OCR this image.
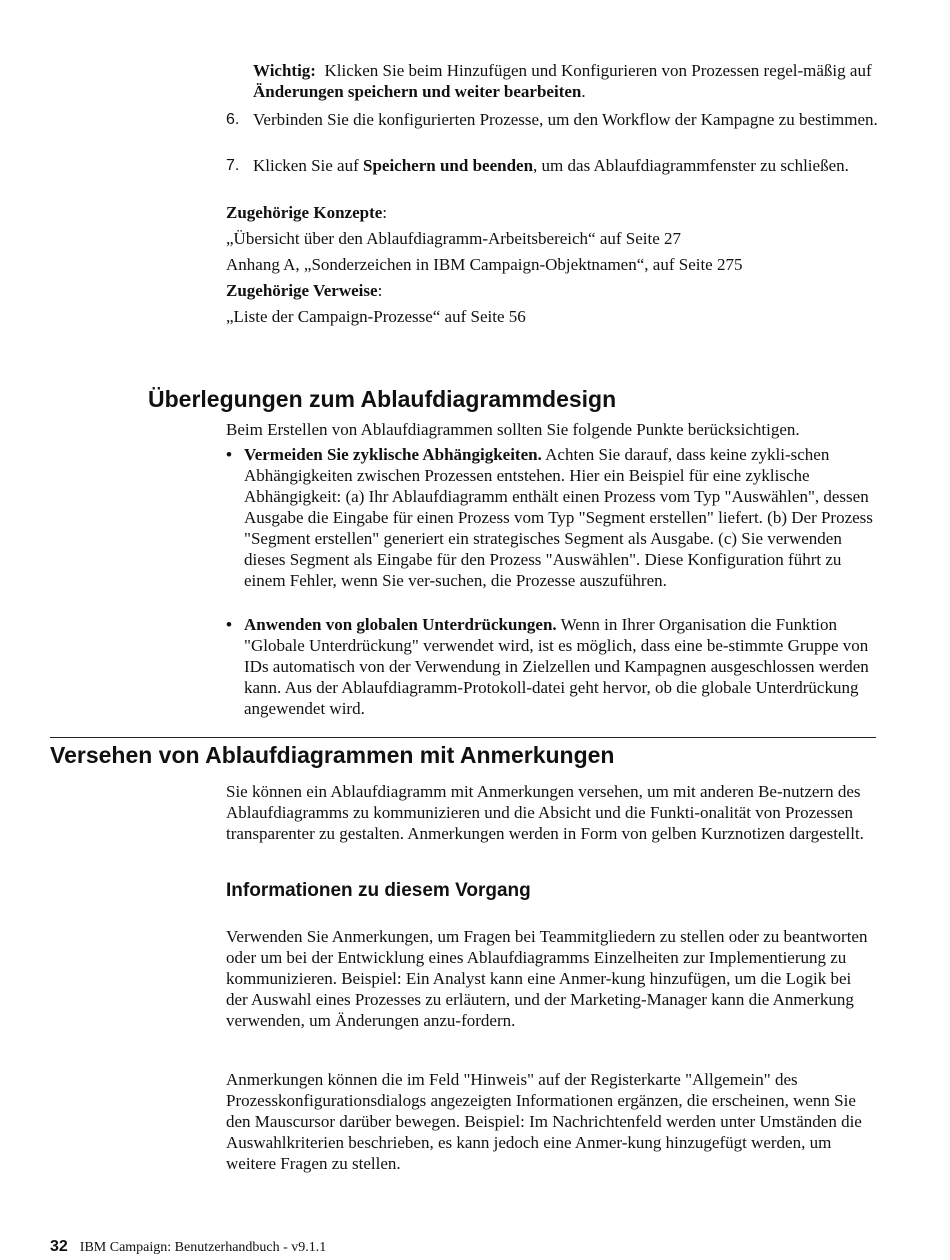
Wichtig: Klicken Sie beim Hinzufügen und Konfigurieren von Prozessen regel-mäßig auf Änderungen speichern und weiter bearbeiten.

6. Verbinden Sie die konfigurierten Prozesse, um den Workflow der Kampagne zu bestimmen.

7. Klicken Sie auf Speichern und beenden, um das Ablaufdiagrammfenster zu schließen.

Zugehörige Konzepte:
„Übersicht über den Ablaufdiagramm-Arbeitsbereich“ auf Seite 27
Anhang A, „Sonderzeichen in IBM Campaign-Objektnamen“, auf Seite 275
Zugehörige Verweise:
„Liste der Campaign-Prozesse“ auf Seite 56
Überlegungen zum Ablaufdiagrammdesign

Beim Erstellen von Ablaufdiagrammen sollten Sie folgende Punkte berücksichtigen.

• Vermeiden Sie zyklische Abhängigkeiten. Achten Sie darauf, dass keine zykli-schen Abhängigkeiten zwischen Prozessen entstehen. Hier ein Beispiel für eine zyklische Abhängigkeit: (a) Ihr Ablaufdiagramm enthält einen Prozess vom Typ "Auswählen", dessen Ausgabe die Eingabe für einen Prozess vom Typ "Segment erstellen" liefert. (b) Der Prozess "Segment erstellen" generiert ein strategisches Segment als Ausgabe. (c) Sie verwenden dieses Segment als Eingabe für den Prozess "Auswählen". Diese Konfiguration führt zu einem Fehler, wenn Sie ver-suchen, die Prozesse auszuführen.

• Anwenden von globalen Unterdrückungen. Wenn in Ihrer Organisation die Funktion "Globale Unterdrückung" verwendet wird, ist es möglich, dass eine be-stimmte Gruppe von IDs automatisch von der Verwendung in Zielzellen und Kampagnen ausgeschlossen werden kann. Aus der Ablaufdiagramm-Protokoll-datei geht hervor, ob die globale Unterdrückung angewendet wird.

Versehen von Ablaufdiagrammen mit Anmerkungen

Sie können ein Ablaufdiagramm mit Anmerkungen versehen, um mit anderen Be-nutzern des Ablaufdiagramms zu kommunizieren und die Absicht und die Funkti-onalität von Prozessen transparenter zu gestalten. Anmerkungen werden in Form von gelben Kurznotizen dargestellt.

Informationen zu diesem Vorgang

Verwenden Sie Anmerkungen, um Fragen bei Teammitgliedern zu stellen oder zu beantworten oder um bei der Entwicklung eines Ablaufdiagramms Einzelheiten zur Implementierung zu kommunizieren. Beispiel: Ein Analyst kann eine Anmer-kung hinzufügen, um die Logik bei der Auswahl eines Prozesses zu erläutern, und der Marketing-Manager kann die Anmerkung verwenden, um Änderungen anzu-fordern.

Anmerkungen können die im Feld "Hinweis" auf der Registerkarte "Allgemein" des Prozesskonfigurationsdialogs angezeigten Informationen ergänzen, die erscheinen, wenn Sie den Mauscursor darüber bewegen. Beispiel: Im Nachrichtenfeld werden unter Umständen die Auswahlkriterien beschrieben, es kann jedoch eine Anmer-kung hinzugefügt werden, um weitere Fragen zu stellen.

32 IBM Campaign: Benutzerhandbuch - v9.1.1
